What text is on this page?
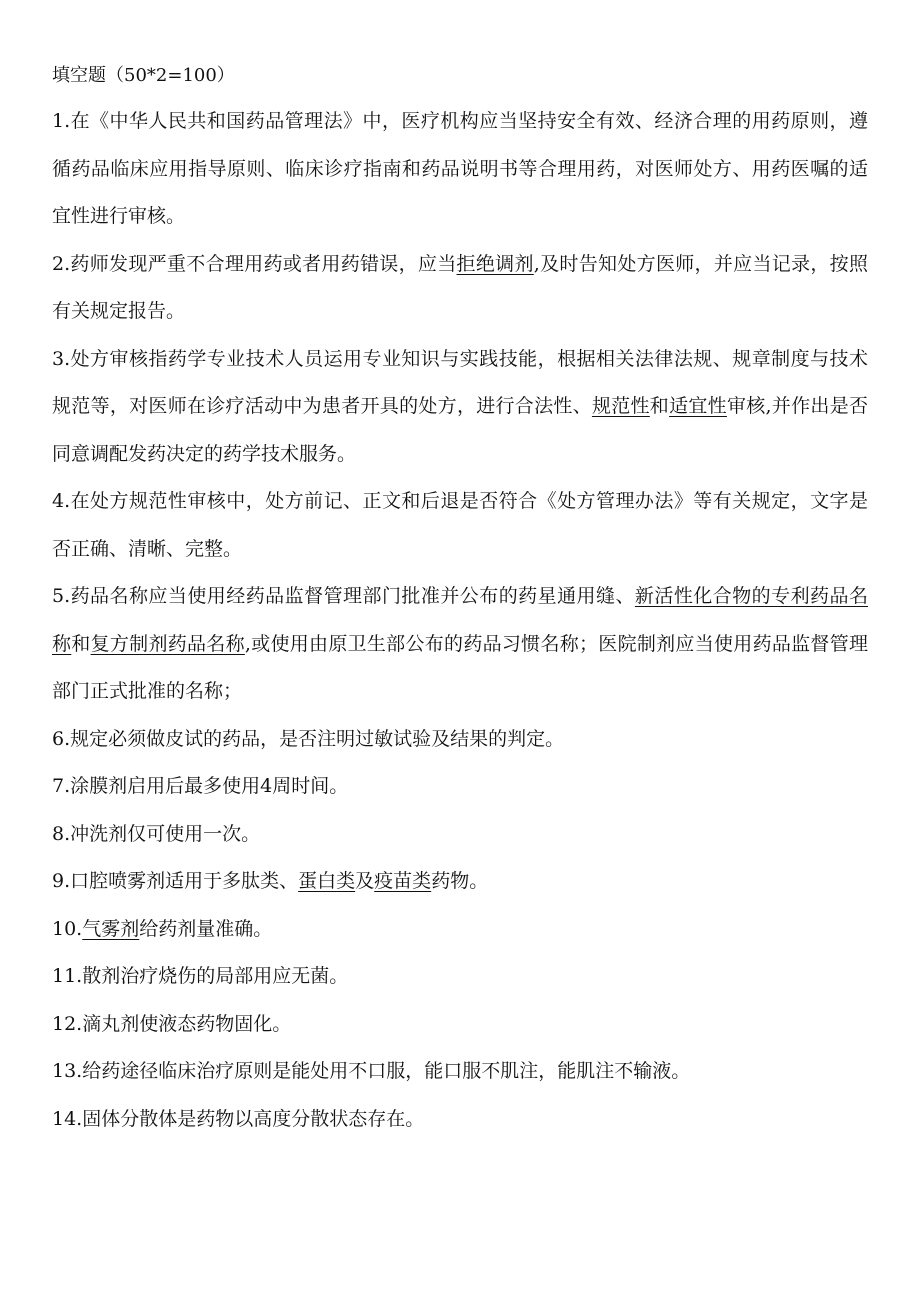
填空题（50*2=100）

1.在《中华人民共和国药品管理法》中，医疗机构应当坚持安全有效、经济合理的用药原则，遵循药品临床应用指导原则、临床诊疗指南和药品说明书等合理用药，对医师处方、用药医嘱的适宜性进行审核。

2.药师发现严重不合理用药或者用药错误，应当拒绝调剂,及时告知处方医师，并应当记录，按照有关规定报告。

3.处方审核指药学专业技术人员运用专业知识与实践技能，根据相关法律法规、规章制度与技术规范等，对医师在诊疗活动中为患者开具的处方，进行合法性、规范性和适宜性审核,并作出是否同意调配发药决定的药学技术服务。

4.在处方规范性审核中，处方前记、正文和后退是否符合《处方管理办法》等有关规定，文字是否正确、清晰、完整。

5.药品名称应当使用经药品监督管理部门批准并公布的药星通用缝、新活性化合物的专利药品名称和复方制剂药品名称,或使用由原卫生部公布的药品习惯名称；医院制剂应当使用药品监督管理部门正式批准的名称；

6.规定必须做皮试的药品，是否注明过敏试验及结果的判定。

7.涂膜剂启用后最多使用4周时间。

8.冲洗剂仅可使用一次。

9.口腔喷雾剂适用于多肽类、蛋白类及疫苗类药物。

10.气雾剂给药剂量准确。

11.散剂治疗烧伤的局部用应无菌。

12.滴丸剂使液态药物固化。

13.给药途径临床治疗原则是能处用不口服，能口服不肌注，能肌注不输液。

14.固体分散体是药物以高度分散状态存在。
